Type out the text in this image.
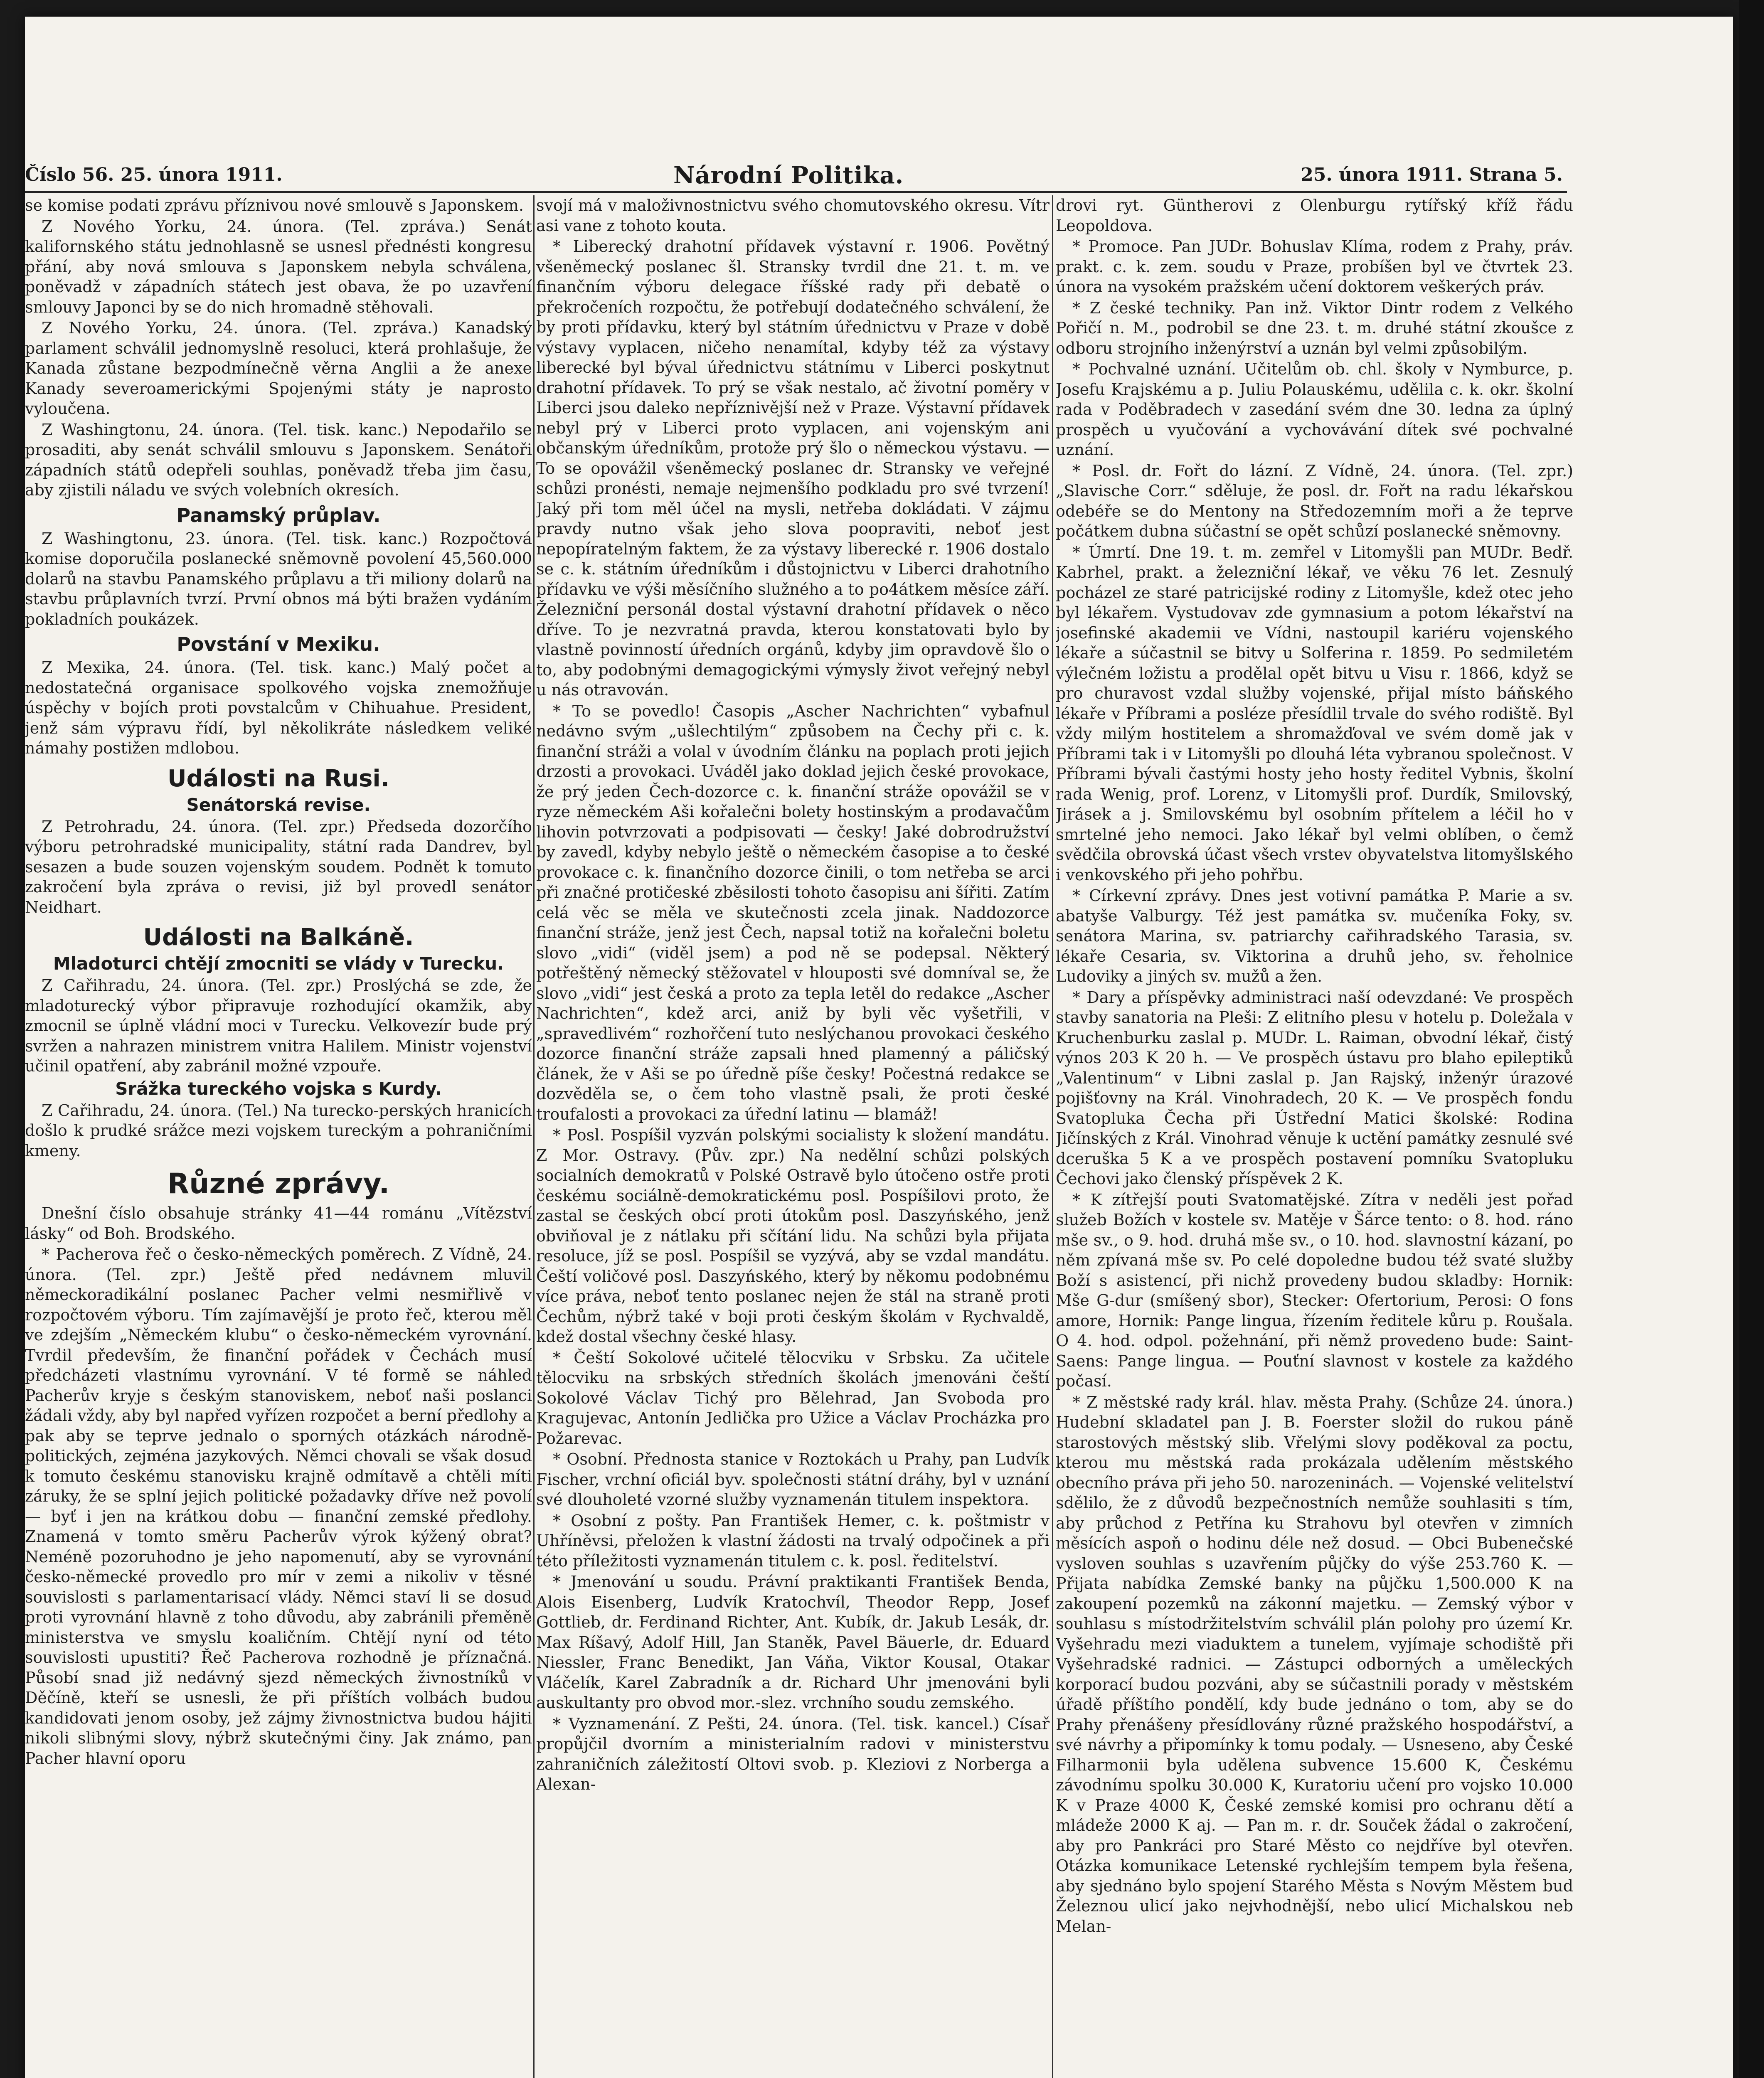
Číslo 56. 25. února 1911.	Národní Politika.	25. února 1911. Strana 5.

se komise podati zprávu příznivou nové smlouvě s Japonskem.

Z Nového Yorku, 24. února. (Tel. zpráva.) Senát kalifornského státu jednohlasně se usnesl přednésti kongresu přání, aby nová smlouva s Japonskem nebyla schválena, poněvadž v západních státech jest obava, že po uzavření smlouvy Japonci by se do nich hromadně stěhovali.

Z Nového Yorku, 24. února. (Tel. zpráva.) Kanadský parlament schválil jednomyslně resoluci, která prohlašuje, že Kanada zůstane bezpodmínečně věrna Anglii a že anexe Kanady severoamerickými Spojenými státy je naprosto vyloučena.

Z Washingtonu, 24. února. (Tel. tisk. kanc.) Nepodařilo se prosaditi, aby senát schválil smlouvu s Japonskem. Senátoři západních států odepřeli souhlas, poněvadž třeba jim času, aby zjistili náladu ve svých volebních okresích.

Panamský průplav.

Z Washingtonu, 23. února. (Tel. tisk. kanc.) Rozpočtová komise doporučila poslanecké sněmovně povolení 45,560.000 dolarů na stavbu Panamského průplavu a tři miliony dolarů na stavbu průplavních tvrzí. První obnos má býti bražen vydáním pokladních poukázek.

Povstání v Mexiku.

Z Mexika, 24. února. (Tel. tisk. kanc.) Malý počet a nedostatečná organisace spolkového vojska znemožňuje úspěchy v bojích proti povstalcům v Chihuahue. President, jenž sám výpravu řídí, byl několikráte následkem veliké námahy postižen mdlobou.

Události na Rusi.
Senátorská revise.

Z Petrohradu, 24. února. (Tel. zpr.) Předseda dozorčího výboru petrohradské municipality, státní rada Dandrev, byl sesazen a bude souzen vojenským soudem. Podnět k tomuto zakročení byla zpráva o revisi, již byl provedl senátor Neidhart.

Události na Balkáně.
Mladoturci chtějí zmocniti se vlády v Turecku.

Z Cařihradu, 24. února. (Tel. zpr.) Proslýchá se zde, že mladoturecký výbor připravuje rozhodující okamžik, aby zmocnil se úplně vládní moci v Turecku. Velkovezír bude prý svržen a nahrazen ministrem vnitra Halilem. Ministr vojenství učinil opatření, aby zabránil možné vzpouře.

Srážka tureckého vojska s Kurdy.

Z Cařihradu, 24. února. (Tel.) Na turecko-perských hranicích došlo k prudké srážce mezi vojskem tureckým a pohraničními kmeny.

Různé zprávy.

Dnešní číslo obsahuje stránky 41—44 románu „Vítězství lásky“ od Boh. Brodského.

* Pacherova řeč o česko-německých poměrech. Z Vídně, 24. února. (Tel. zpr.) Ještě před nedávnem mluvil německoradikální poslanec Pacher velmi nesmiřlivě v rozpočtovém výboru. Tím zajímavější je proto řeč, kterou měl ve zdejším „Německém klubu“ o česko-německém vyrovnání. Tvrdil především, že finanční pořádek v Čechách musí předcházeti vlastnímu vyrovnání. V té formě se náhled Pacherův kryje s českým stanoviskem, neboť naši poslanci žádali vždy, aby byl napřed vyřízen rozpočet a berní předlohy a pak aby se teprve jednalo o sporných otázkách národně-politických, zejména jazykových. Němci chovali se však dosud k tomuto českému stanovisku krajně odmítavě a chtěli míti záruky, že se splní jejich politické požadavky dříve než povolí — byť i jen na krátkou dobu — finanční zemské předlohy. Znamená v tomto směru Pacherův výrok kýžený obrat? Neméně pozoruhodno je jeho napomenutí, aby se vyrovnání česko-německé provedlo pro mír v zemi a nikoliv v těsné souvislosti s parlamentarisací vlády. Němci staví li se dosud proti vyrovnání hlavně z toho důvodu, aby zabránili přeměně ministerstva ve smyslu koaličním. Chtějí nyní od této souvislosti upustiti? Řeč Pacherova rozhodně je příznačná. Působí snad již nedávný sjezd německých živnostníků v Děčíně, kteří se usnesli, že při příštích volbách budou kandidovati jenom osoby, jež zájmy živnostnictva budou hájiti nikoli slibnými slovy, nýbrž skutečnými činy. Jak známo, pan Pacher hlavní oporu

svojí má v maloživnostnictvu svého chomutovského okresu. Vítr asi vane z tohoto kouta.

* Liberecký drahotní přídavek výstavní r. 1906. Povětný všeněmecký poslanec šl. Stransky tvrdil dne 21. t. m. ve finančním výboru delegace říšské rady při debatě o překročeních rozpočtu, že potřebují dodatečného schválení, že by proti přídavku, který byl státním úřednictvu v Praze v době výstavy vyplacen, ničeho nenamítal, kdyby též za výstavy liberecké byl býval úřednictvu státnímu v Liberci poskytnut drahotní přídavek. To prý se však nestalo, ač životní poměry v Liberci jsou daleko nepříznivější než v Praze. Výstavní přídavek nebyl prý v Liberci proto vyplacen, ani vojenským ani občanským úředníkům, protože prý šlo o německou výstavu. — To se opovážil všeněmecký poslanec dr. Stransky ve veřejné schůzi pronésti, nemaje nejmenšího podkladu pro své tvrzení! Jaký při tom měl účel na mysli, netřeba dokládati. V zájmu pravdy nutno však jeho slova poopraviti, neboť jest nepopíratelným faktem, že za výstavy liberecké r. 1906 dostalo se c. k. státním úředníkům i důstojnictvu v Liberci drahotního přídavku ve výši měsíčního služného a to po4átkem měsíce září. Železniční personál dostal výstavní drahotní přídavek o něco dříve. To je nezvratná pravda, kterou konstatovati bylo by vlastně povinností úředních orgánů, kdyby jim opravdově šlo o to, aby podobnými demagogickými výmysly život veřejný nebyl u nás otravován.

* To se povedlo! Časopis „Ascher Nachrichten“ vybafnul nedávno svým „ušlechtilým“ způsobem na Čechy při c. k. finanční stráži a volal v úvodním článku na poplach proti jejich drzosti a provokaci. Uváděl jako doklad jejich české provokace, že prý jeden Čech-dozorce c. k. finanční stráže opovážil se v ryze německém Aši kořalečni bolety hostinským a prodavačům lihovin potvrzovati a podpisovati — česky! Jaké dobrodružství by zavedl, kdyby nebylo ještě o německém časopise a to české provokace c. k. finančního dozorce činili, o tom netřeba se arci při značné protičeské zběsilosti tohoto časopisu ani šířiti. Zatím celá věc se měla ve skutečnosti zcela jinak. Naddozorce finanční stráže, jenž jest Čech, napsal totiž na kořalečni boletu slovo „vidi“ (viděl jsem) a pod ně se podepsal. Některý potřeštěný německý stěžovatel v hlouposti své domníval se, že slovo „vidi“ jest česká a proto za tepla letěl do redakce „Ascher Nachrichten“, kdež arci, aniž by byli věc vyšetřili, v „spravedlivém“ rozhořčení tuto neslýchanou provokaci českého dozorce finanční stráže zapsali hned plamenný a páličský článek, že v Aši se po úředně píše česky! Počestná redakce se dozvěděla se, o čem toho vlastně psali, že proti české troufalosti a provokaci za úřední latinu — blamáž!

* Posl. Pospíšil vyzván polskými socialisty k složení mandátu. Z Mor. Ostravy. (Pův. zpr.) Na nedělní schůzi polských socialních demokratů v Polské Ostravě bylo útočeno ostře proti českému sociálně-demokratickému posl. Pospíšilovi proto, že zastal se českých obcí proti útokům posl. Daszyńského, jenž obviňoval je z nátlaku při sčítání lidu. Na schůzi byla přijata resoluce, jíž se posl. Pospíšil se vyzývá, aby se vzdal mandátu. Čeští voličové posl. Daszyńského, který by někomu podobnému více práva, neboť tento poslanec nejen že stál na straně proti Čechům, nýbrž také v boji proti českým školám v Rychvaldě, kdež dostal všechny české hlasy.

* Čeští Sokolové učitelé tělocviku v Srbsku. Za učitele tělocviku na srbských středních školách jmenováni čeští Sokolové Václav Tichý pro Bělehrad, Jan Svoboda pro Kragujevac, Antonín Jedlička pro Užice a Václav Procházka pro Požarevac.

* Osobní. Přednosta stanice v Roztokách u Prahy, pan Ludvík Fischer, vrchní oficiál byv. společnosti státní dráhy, byl v uznání své dlouholeté vzorné služby vyznamenán titulem inspektora.

* Osobní z pošty. Pan František Hemer, c. k. poštmistr v Uhříněvsi, přeložen k vlastní žádosti na trvalý odpočinek a při této příležitosti vyznamenán titulem c. k. posl. ředitelství.

* Jmenování u soudu. Právní praktikanti František Benda, Alois Eisenberg, Ludvík Kratochvíl, Theodor Repp, Josef Gottlieb, dr. Ferdinand Richter, Ant. Kubík, dr. Jakub Lesák, dr. Max Ríšavý, Adolf Hill, Jan Staněk, Pavel Bäuerle, dr. Eduard Niessler, Franc Benedikt, Jan Váňa, Viktor Kousal, Otakar Vláčelík, Karel Zabradník a dr. Richard Uhr jmenováni byli auskultanty pro obvod mor.-slez. vrchního soudu zemského.

* Vyznamenání. Z Pešti, 24. února. (Tel. tisk. kancel.) Císař propůjčil dvorním a ministerialním radovi v ministerstvu zahraničních záležitostí Oltovi svob. p. Kleziovi z Norberga a Alexan-

drovi ryt. Güntherovi z Olenburgu rytířský kříž řádu Leopoldova.

* Promoce. Pan JUDr. Bohuslav Klíma, rodem z Prahy, práv. prakt. c. k. zem. soudu v Praze, probíšen byl ve čtvrtek 23. února na vysokém pražském učení doktorem veškerých práv.

* Z české techniky. Pan inž. Viktor Dintr rodem z Velkého Pořičí n. M., podrobil se dne 23. t. m. druhé státní zkoušce z odboru strojního inženýrství a uznán byl velmi způsobilým.

* Pochvalné uznání. Učitelům ob. chl. školy v Nymburce, p. Josefu Krajskému a p. Juliu Polauskému, udělila c. k. okr. školní rada v Poděbradech v zasedání svém dne 30. ledna za úplný prospěch u vyučování a vychovávání dítek své pochvalné uznání.

* Posl. dr. Fořt do lázní. Z Vídně, 24. února. (Tel. zpr.) „Slavische Corr.“ sděluje, že posl. dr. Fořt na radu lékařskou odebéře se do Mentony na Středozemním moři a že teprve počátkem dubna súčastní se opět schůzí poslanecké sněmovny.

* Úmrtí. Dne 19. t. m. zemřel v Litomyšli pan MUDr. Bedř. Kabrhel, prakt. a železniční lékař, ve věku 76 let. Zesnulý pocházel ze staré patricijské rodiny z Litomyšle, kdež otec jeho byl lékařem. Vystudovav zde gymnasium a potom lékařství na josefinské akademii ve Vídni, nastoupil kariéru vojenského lékaře a súčastnil se bitvy u Solferina r. 1859. Po sedmiletém výlečném ložistu a prodělal opět bitvu u Visu r. 1866, když se pro churavost vzdal služby vojenské, přijal místo báňského lékaře v Příbrami a posléze přesídlil trvale do svého rodiště. Byl vždy milým hostitelem a shromažďoval ve svém domě jak v Příbrami tak i v Litomyšli po dlouhá léta vybranou společnost. V Příbrami bývali častými hosty jeho hosty ředitel Vybnis, školní rada Wenig, prof. Lorenz, v Litomyšli prof. Durdík, Smilovský, Jirásek a j. Smilovskému byl osobním přítelem a léčil ho v smrtelné jeho nemoci. Jako lékař byl velmi oblíben, o čemž svědčila obrovská účast všech vrstev obyvatelstva litomyšlského i venkovského při jeho pohřbu.

* Církevní zprávy. Dnes jest votivní památka P. Marie a sv. abatyše Valburgy. Též jest památka sv. mučeníka Foky, sv. senátora Marina, sv. patriarchy cařihradského Tarasia, sv. lékaře Cesaria, sv. Viktorina a druhů jeho, sv. řeholnice Ludoviky a jiných sv. mužů a žen.

* Dary a příspěvky administraci naší odevzdané: Ve prospěch stavby sanatoria na Pleši: Z elitního plesu v hotelu p. Doležala v Kruchenburku zaslal p. MUDr. L. Raiman, obvodní lékař, čistý výnos 203 K 20 h. — Ve prospěch ústavu pro blaho epileptiků „Valentinum“ v Libni zaslal p. Jan Rajský, inženýr úrazové pojišťovny na Král. Vinohradech, 20 K. — Ve prospěch fondu Svatopluka Čecha při Ústřední Matici školské: Rodina Jičínských z Král. Vinohrad věnuje k uctění památky zesnulé své dceruška 5 K a ve prospěch postavení pomníku Svatopluku Čechovi jako členský příspěvek 2 K.

* K zítřejší pouti Svatomatějské. Zítra v neděli jest pořad služeb Božích v kostele sv. Matěje v Šárce tento: o 8. hod. ráno mše sv., o 9. hod. druhá mše sv., o 10. hod. slavnostní kázaní, po něm zpívaná mše sv. Po celé dopoledne budou též svaté služby Boží s asistencí, při nichž provedeny budou skladby: Hornik: Mše G-dur (smíšený sbor), Stecker: Ofertorium, Perosi: O fons amore, Hornik: Pange lingua, řízením ředitele kůru p. Roušala. O 4. hod. odpol. požehnání, při němž provedeno bude: Saint-Saens: Pange lingua. — Pouťní slavnost v kostele za každého počasí.

* Z městské rady král. hlav. města Prahy. (Schůze 24. února.) Hudební skladatel pan J. B. Foerster složil do rukou páně starostových městský slib. Vřelými slovy poděkoval za poctu, kterou mu městská rada prokázala udělením městského obecního práva při jeho 50. narozeninách. — Vojenské velitelství sdělilo, že z důvodů bezpečnostních nemůže souhlasiti s tím, aby průchod z Petřína ku Strahovu byl otevřen v zimních měsících aspoň o hodinu déle než dosud. — Obci Bubenečské vysloven souhlas s uzavřením půjčky do výše 253.760 K. — Přijata nabídka Zemské banky na půjčku 1,500.000 K na zakoupení pozemků na zákonní majetku. — Zemský výbor v souhlasu s místodržitelstvím schválil plán polohy pro území Kr. Vyšehradu mezi viaduktem a tunelem, vyjímaje schodiště při Vyšehradské radnici. — Zástupci odborných a uměleckých korporací budou pozváni, aby se súčastnili porady v městském úřadě příštího pondělí, kdy bude jednáno o tom, aby se do Prahy přenášeny přesídlovány různé pražského hospodářství, a své návrhy a připomínky k tomu podaly. — Usneseno, aby České Filharmonii byla udělena subvence 15.600 K, Českému závodnímu spolku 30.000 K, Kuratoriu učení pro vojsko 10.000 K v Praze 4000 K, České zemské komisi pro ochranu dětí a mládeže 2000 K aj. — Pan m. r. dr. Souček žádal o zakročení, aby pro Pankráci pro Staré Město co nejdříve byl otevřen. Otázka komunikace Letenské rychlejším tempem byla řešena, aby sjednáno bylo spojení Starého Města s Novým Městem bud Železnou ulicí jako nejvhodnější, nebo ulicí Michalskou neb Melan-
